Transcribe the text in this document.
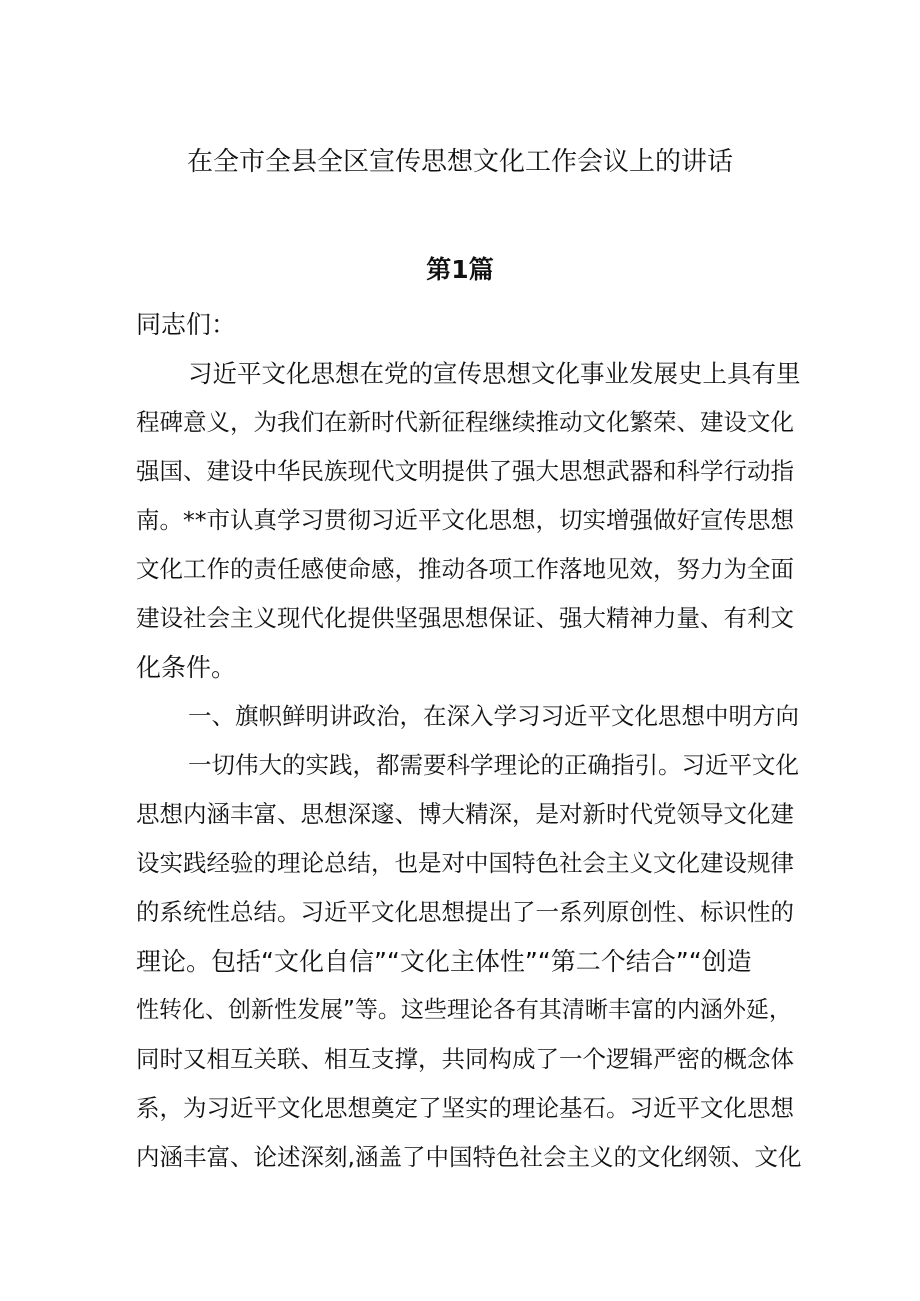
在全市全县全区宣传思想文化工作会议上的讲话
第1篇
同志们：
习近平文化思想在党的宣传思想文化事业发展史上具有里
程碑意义，为我们在新时代新征程继续推动文化繁荣、建设文化
强国、建设中华民族现代文明提供了强大思想武器和科学行动指
南。**市认真学习贯彻习近平文化思想，切实增强做好宣传思想
文化工作的责任感使命感，推动各项工作落地见效，努力为全面
建设社会主义现代化提供坚强思想保证、强大精神力量、有利文
化条件。
一、旗帜鲜明讲政治，在深入学习习近平文化思想中明方向
一切伟大的实践，都需要科学理论的正确指引。习近平文化
思想内涵丰富、思想深邃、博大精深，是对新时代党领导文化建
设实践经验的理论总结，也是对中国特色社会主义文化建设规律
的系统性总结。习近平文化思想提出了一系列原创性、标识性的
理论。包括“文化自信”“文化主体性”“第二个结合”“创造
性转化、创新性发展”等。这些理论各有其清晰丰富的内涵外延，
同时又相互关联、相互支撑，共同构成了一个逻辑严密的概念体
系，为习近平文化思想奠定了坚实的理论基石。习近平文化思想
内涵丰富、论述深刻,涵盖了中国特色社会主义的文化纲领、文化
